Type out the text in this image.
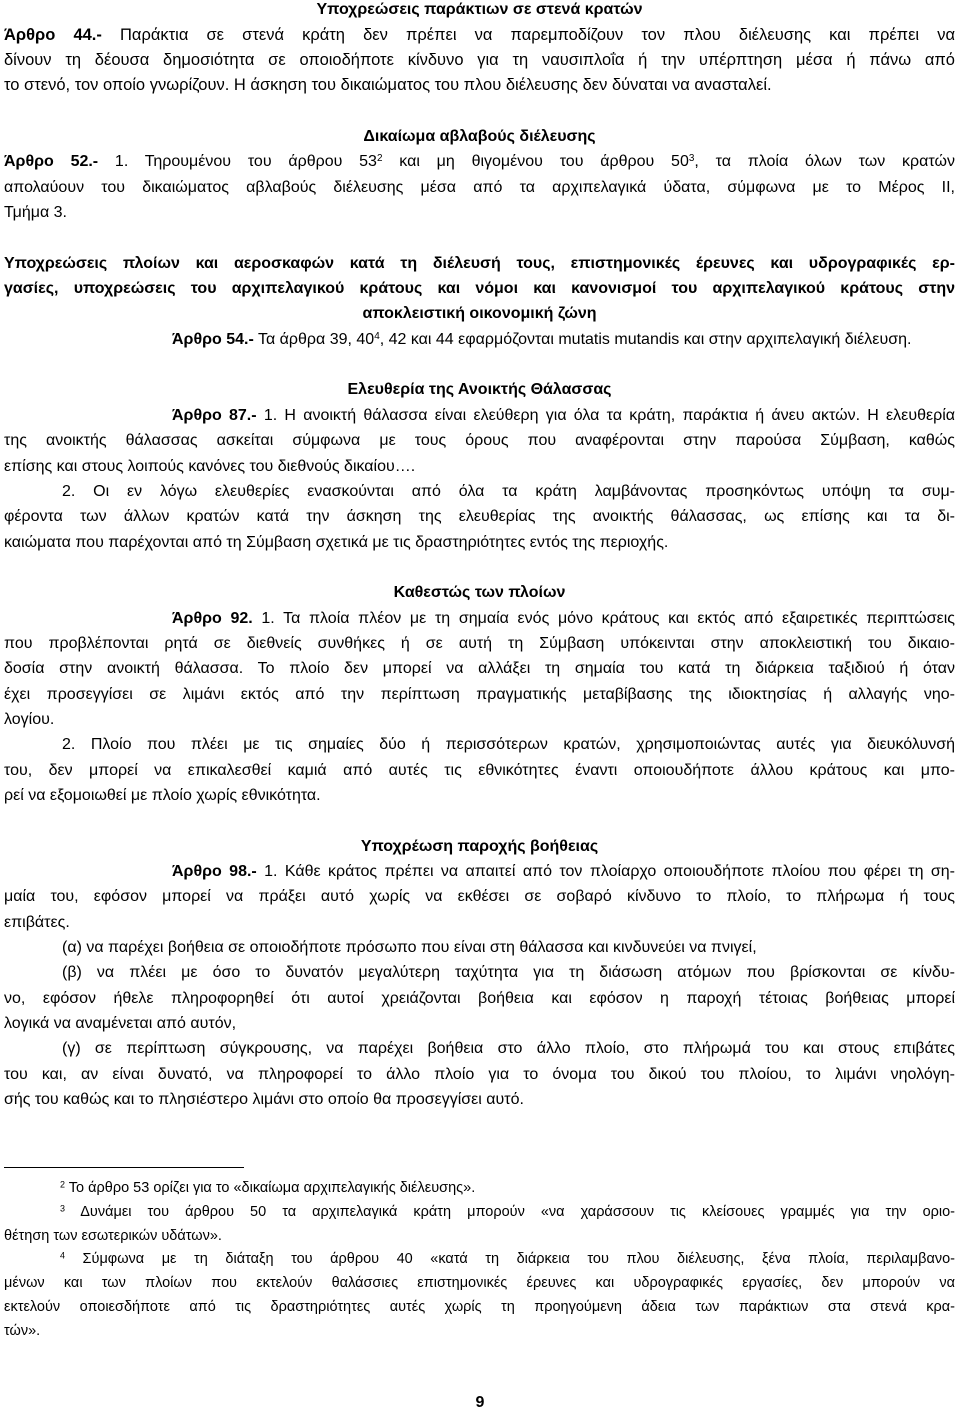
Υποχρεώσεις παράκτιων σε στενά κρατών
Άρθρο 44.- Παράκτια σε στενά κράτη δεν πρέπει να παρεμποδίζουν τον πλου διέλευσης και πρέπει να
δίνουν τη δέουσα δημοσιότητα σε οποιοδήποτε κίνδυνο για τη ναυσιπλοΐα ή την υπέρπτηση μέσα ή πάνω από
το στενό, τον οποίο γνωρίζουν. Η άσκηση του δικαιώματος του πλου διέλευσης δεν δύναται να ανασταλεί.
Δικαίωμα αβλαβούς διέλευσης
Άρθρο 52.- 1. Τηρουμένου του άρθρου $53^2$ και μη θιγομένου του άρθρου $50^3$, τα πλοία όλων των κρατών
απολαύουν του δικαιώματος αβλαβούς διέλευσης μέσα από τα αρχιπελαγικά ύδατα, σύμφωνα με το Μέρος II,
Τμήμα 3.
Υποχρεώσεις πλοίων και αεροσκαφών κατά τη διέλευσή τους, επιστημονικές έρευνες και υδρογραφικές ερ-
γασίες, υποχρεώσεις του αρχιπελαγικού κράτους και νόμοι και κανονισμοί του αρχιπελαγικού κράτους στην
αποκλειστική οικονομική ζώνη
Άρθρο 54.- Τα άρθρα 39, $40^4$, 42 και 44 εφαρμόζονται mutatis mutandis και στην αρχιπελαγική διέλευση.
Ελευθερία της Ανοικτής Θάλασσας
Άρθρο 87.- 1. Η ανοικτή θάλασσα είναι ελεύθερη για όλα τα κράτη, παράκτια ή άνευ ακτών. Η ελευθερία
της ανοικτής θάλασσας ασκείται σύμφωνα με τους όρους που αναφέρονται στην παρούσα Σύμβαση, καθώς
επίσης και στους λοιπούς κανόνες του διεθνούς δικαίου….
2. Οι εν λόγω ελευθερίες ενασκούνται από όλα τα κράτη λαμβάνοντας προσηκόντως υπόψη τα συμ-
φέροντα των άλλων κρατών κατά την άσκηση της ελευθερίας της ανοικτής θάλασσας, ως επίσης και τα δι-
καιώματα που παρέχονται από τη Σύμβαση σχετικά με τις δραστηριότητες εντός της περιοχής.
Καθεστώς των πλοίων
Άρθρο 92. 1. Τα πλοία πλέον με τη σημαία ενός μόνο κράτους και εκτός από εξαιρετικές περιπτώσεις
που προβλέπονται ρητά σε διεθνείς συνθήκες ή σε αυτή τη Σύμβαση υπόκεινται στην αποκλειστική του δικαιο-
δοσία στην ανοικτή θάλασσα. Το πλοίο δεν μπορεί να αλλάξει τη σημαία του κατά τη διάρκεια ταξιδιού ή όταν
έχει προσεγγίσει σε λιμάνι εκτός από την περίπτωση πραγματικής μεταβίβασης της ιδιοκτησίας ή αλλαγής νηο-
λογίου.
2. Πλοίο που πλέει με τις σημαίες δύο ή περισσότερων κρατών, χρησιμοποιώντας αυτές για διευκόλυνσή
του, δεν μπορεί να επικαλεσθεί καμιά από αυτές τις εθνικότητες έναντι οποιουδήποτε άλλου κράτους και μπο-
ρεί να εξομοιωθεί με πλοίο χωρίς εθνικότητα.
Υποχρέωση παροχής βοήθειας
Άρθρο 98.- 1. Κάθε κράτος πρέπει να απαιτεί από τον πλοίαρχο οποιουδήποτε πλοίου που φέρει τη ση-
μαία του, εφόσον μπορεί να πράξει αυτό χωρίς να εκθέσει σε σοβαρό κίνδυνο το πλοίο, το πλήρωμα ή τους
επιβάτες.
(α) να παρέχει βοήθεια σε οποιοδήποτε πρόσωπο που είναι στη θάλασσα και κινδυνεύει να πνιγεί,
(β) να πλέει με όσο το δυνατόν μεγαλύτερη ταχύτητα για τη διάσωση ατόμων που βρίσκονται σε κίνδυ-
νο, εφόσον ήθελε πληροφορηθεί ότι αυτοί χρειάζονται βοήθεια και εφόσον η παροχή τέτοιας βοήθειας μπορεί
λογικά να αναμένεται από αυτόν,
(γ) σε περίπτωση σύγκρουσης, να παρέχει βοήθεια στο άλλο πλοίο, στο πλήρωμά του και στους επιβάτες
του και, αν είναι δυνατό, να πληροφορεί το άλλο πλοίο για το όνομα του δικού του πλοίου, το λιμάνι νηολόγη-
σής του καθώς και το πλησιέστερο λιμάνι στο οποίο θα προσεγγίσει αυτό.
$^2$ Το άρθρο 53 ορίζει για το «δικαίωμα αρχιπελαγικής διέλευσης».
$^3$ Δυνάμει του άρθρου 50 τα αρχιπελαγικά κράτη μπορούν «να χαράσσουν τις κλείσουες γραμμές για την οριο-
θέτηση των εσωτερικών υδάτων».
$^4$ Σύμφωνα με τη διάταξη του άρθρου 40 «κατά τη διάρκεια του πλου διέλευσης, ξένα πλοία, περιλαμβανο-
μένων και των πλοίων που εκτελούν θαλάσσιες επιστημονικές έρευνες και υδρογραφικές εργασίες, δεν μπορούν να
εκτελούν οποιεσδήποτε από τις δραστηριότητες αυτές χωρίς τη προηγούμενη άδεια των παράκτιων στα στενά κρα-
τών».
9
